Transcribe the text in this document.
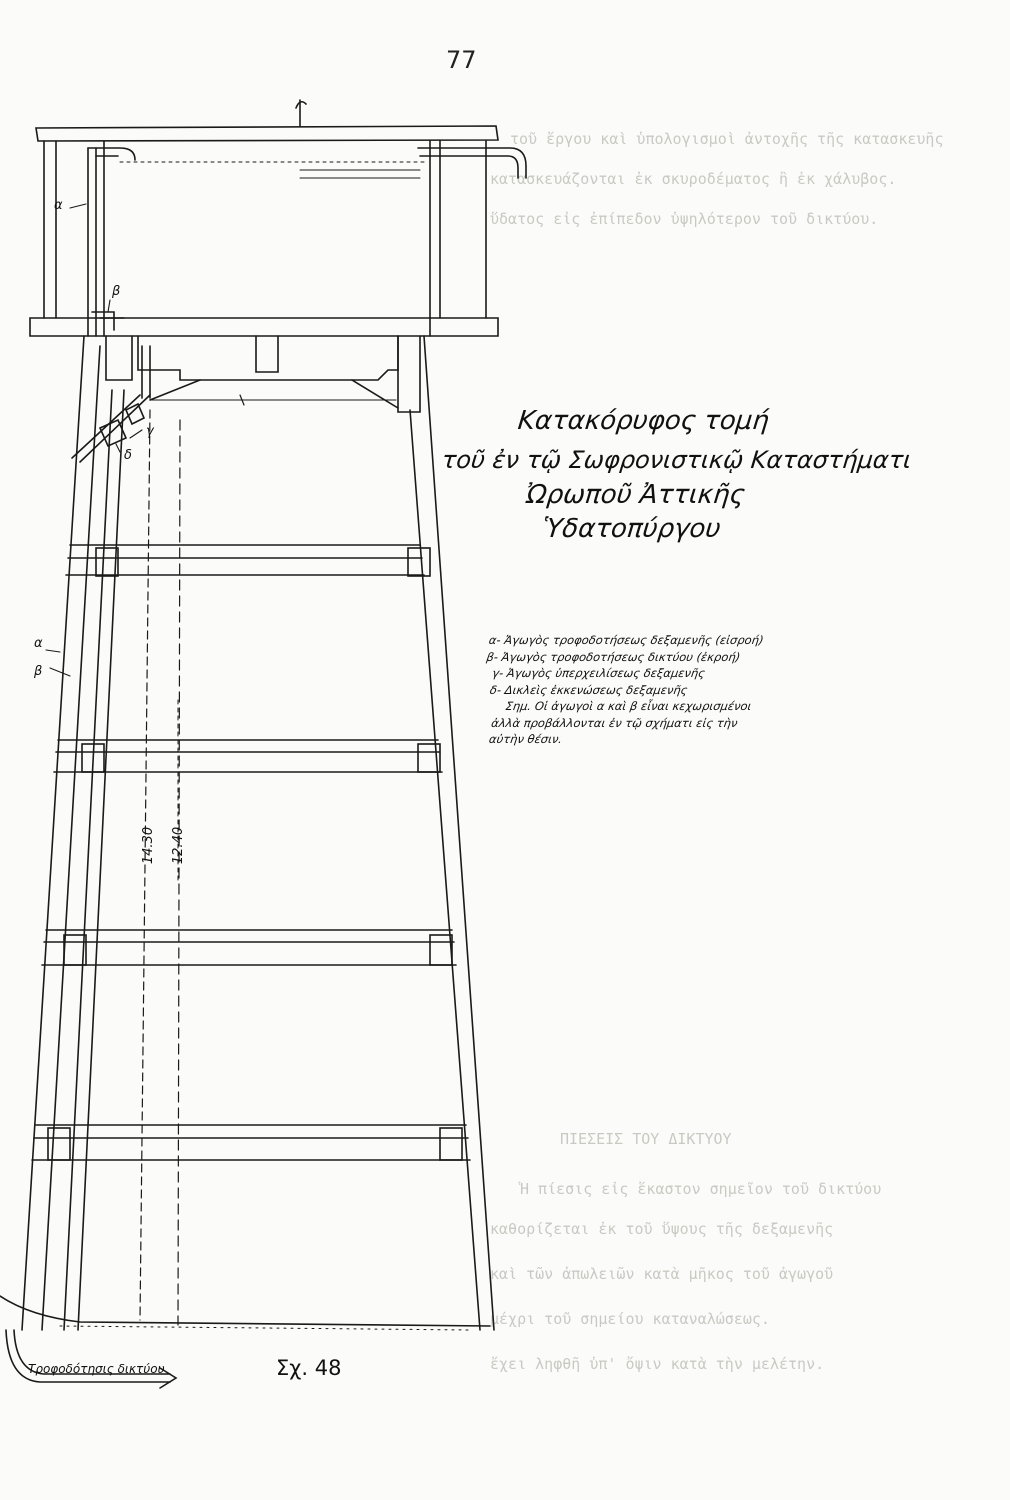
τοῦ ἔργου καὶ ὑπολογισμοὶ ἀντοχῆς τῆς κατασκευῆς
κατασκευάζονται ἐκ σκυροδέματος ἢ ἐκ χάλυβος.
ὕδατος εἰς ἐπίπεδον ὑψηλότερον τοῦ δικτύου.
ΠΙΕΣΕΙΣ ΤΟΥ ΔΙΚΤΥΟΥ
Ἡ πίεσις εἰς ἕκαστον σημεῖον τοῦ δικτύου
καθορίζεται ἐκ τοῦ ὕψους τῆς δεξαμενῆς
καὶ τῶν ἀπωλειῶν κατὰ μῆκος τοῦ ἀγωγοῦ
μέχρι τοῦ σημείου καταναλώσεως.
ἔχει ληφθῆ ὑπ' ὄψιν κατὰ τὴν μελέτην.
77
α
β
γ
δ
α
β
14.30 12.40
Τροφοδότησις δικτύου	Σχ. 48
Κατακόρυφος τομή
τοῦ ἐν τῷ Σωφρονιστικῷ Καταστήματι
Ὠρωποῦ Ἀττικῆς
Ὑδατοπύργου
α- Ἀγωγὸς τροφοδοτήσεως δεξαμενῆς (εἰσροή)
β- Ἀγωγὸς τροφοδοτήσεως δικτύου (ἐκροή)
γ- Ἀγωγὸς ὑπερχειλίσεως δεξαμενῆς
δ- Δικλεὶς ἐκκενώσεως δεξαμενῆς
Σημ. Οἱ ἀγωγοὶ α καὶ β εἶναι κεχωρισμένοι
ἀλλὰ προβάλλονται ἐν τῷ σχήματι εἰς τὴν
αὐτὴν θέσιν.
